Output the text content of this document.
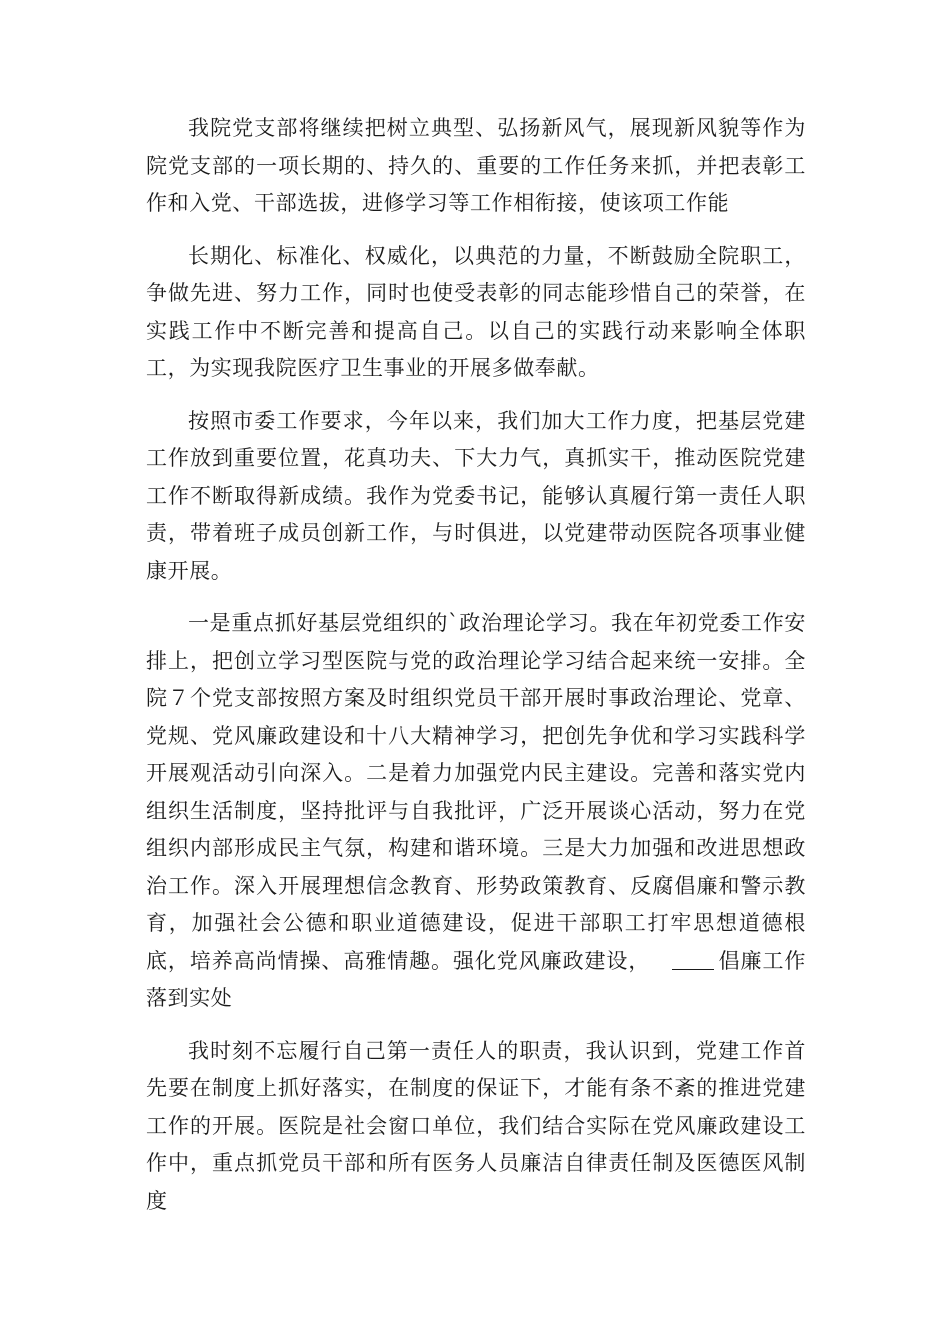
我院党支部将继续把树立典型、弘扬新风气，展现新风貌等作为院党支部的一项长期的、持久的、重要的工作任务来抓，并把表彰工作和入党、干部选拔，进修学习等工作相衔接，使该项工作能

长期化、标准化、权威化，以典范的力量，不断鼓励全院职工，争做先进、努力工作，同时也使受表彰的同志能珍惜自己的荣誉，在实践工作中不断完善和提高自己。以自己的实践行动来影响全体职工，为实现我院医疗卫生事业的开展多做奉献。

按照市委工作要求，今年以来，我们加大工作力度，把基层党建工作放到重要位置，花真功夫、下大力气，真抓实干，推动医院党建工作不断取得新成绩。我作为党委书记，能够认真履行第一责任人职责，带着班子成员创新工作，与时俱进，以党建带动医院各项事业健康开展。

一是重点抓好基层党组织的`政治理论学习。我在年初党委工作安排上，把创立学习型医院与党的政治理论学习结合起来统一安排。全院７个党支部按照方案及时组织党员干部开展时事政治理论、党章、党规、党风廉政建设和十八大精神学习，把创先争优和学习实践科学开展观活动引向深入。二是着力加强党内民主建设。完善和落实党内组织生活制度，坚持批评与自我批评，广泛开展谈心活动，努力在党组织内部形成民主气氛，构建和谐环境。三是大力加强和改进思想政治工作。深入开展理想信念教育、形势政策教育、反腐倡廉和警示教育，加强社会公德和职业道德建设，促进干部职工打牢思想道德根底，培养高尚情操、高雅情趣。强化党风廉政建设，	倡廉工作落到实处

我时刻不忘履行自己第一责任人的职责，我认识到，党建工作首先要在制度上抓好落实，在制度的保证下，才能有条不紊的推进党建工作的开展。医院是社会窗口单位，我们结合实际在党风廉政建设工作中，重点抓党员干部和所有医务人员廉洁自律责任制及医德医风制度
